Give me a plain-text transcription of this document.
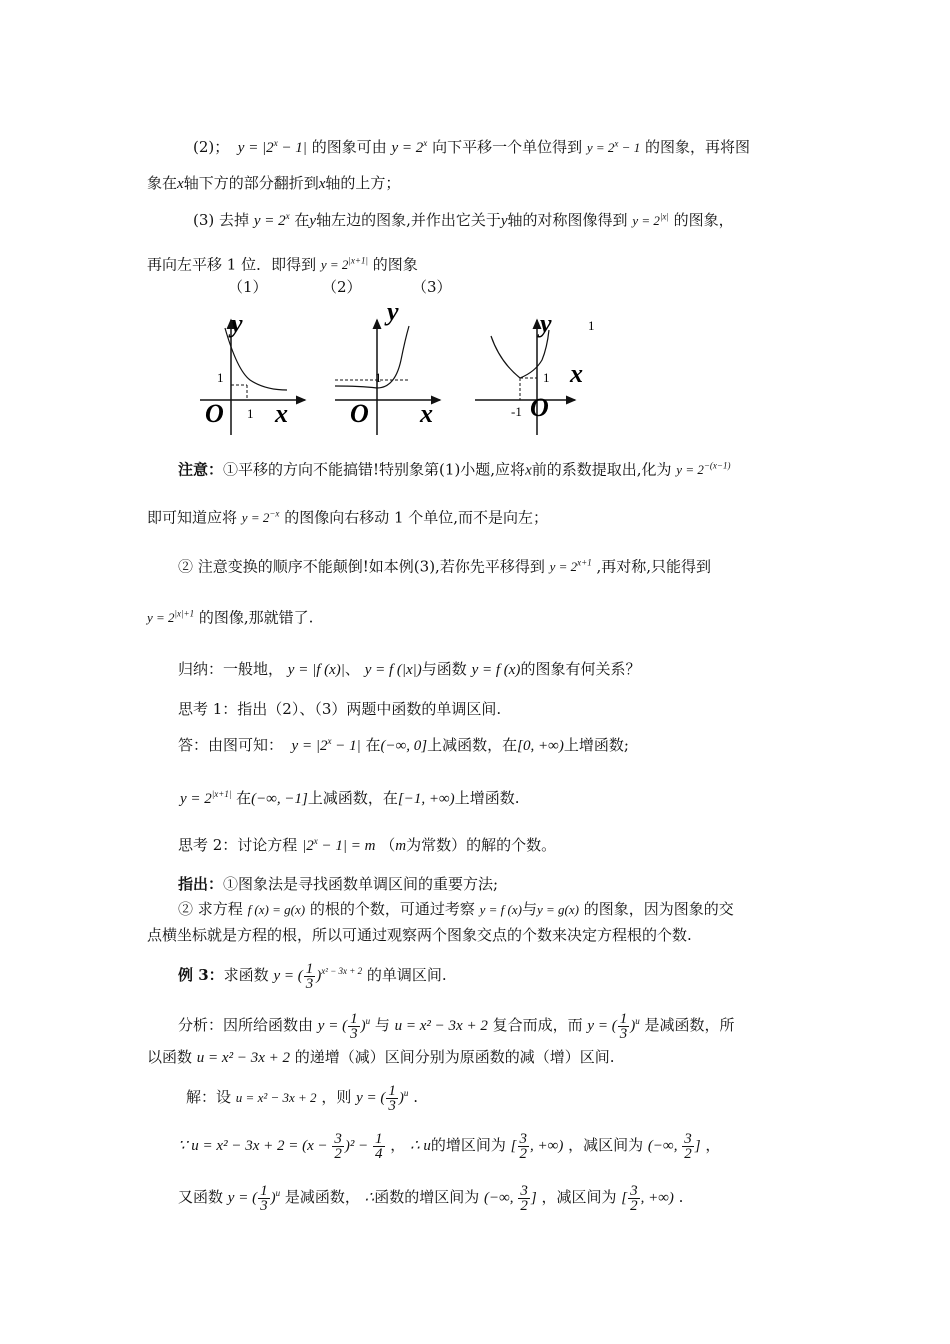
(2)；  $y = |2^x - 1|$ 的图象可由 $y = 2^x$ 向下平移一个单位得到 $y = 2^x - 1$ 的图象，再将图
象在x轴下方的部分翻折到x轴的上方；
(3) 去掉 $y = 2^x$ 在y轴左边的图象,并作出它关于y轴的对称图像得到 $y = 2^{|x|}$ 的图象，
再向左平移 1 位．即得到 $y = 2^{|x+1|}$ 的图象
（1）	（2）	（3）
1
1
O x
y
1
O x
y
1
1
-1 O
x
y
注意：①平移的方向不能搞错!特别象第(1)小题,应将x前的系数提取出,化为 $y = 2^{-(x-1)}$
即可知道应将 $y = 2^{-x}$ 的图像向右移动 1 个单位,而不是向左；
② 注意变换的顺序不能颠倒!如本例(3),若你先平移得到 $y = 2^{x+1}$ ,再对称,只能得到
$y = 2^{|x|+1}$ 的图像,那就错了.
归纳：一般地， y = |f (x)|、 y = f (|x|)与函数 y = f (x)的图象有何关系？
思考 1：指出（2）、（3）两题中函数的单调区间.
答：由图可知：  $y = |2^x - 1|$ 在(−∞, 0]上减函数，在[0, +∞)上增函数;
$y = 2^{|x+1|}$ 在(−∞, −1]上减函数，在[−1, +∞)上增函数.
思考 2：讨论方程 $|2^x - 1| = m$ （m为常数）的解的个数。
指出：①图象法是寻找函数单调区间的重要方法;
② 求方程 f (x) = g(x) 的根的个数，可通过考察 y = f (x)与y = g(x) 的图象，因为图象的交
点横坐标就是方程的根，所以可通过观察两个图象交点的个数来决定方程根的个数.
例 3：求函数 y = ( $\frac{1}{3} )^{x^2 - 3x + 2}$ 的单调区间.
分析：因所给函数由 y = ( $\frac{1}{3} )^u$ 与 u = x² − 3x + 2 复合而成，而 y = ( $\frac{1}{3} )^u$ 是减函数，所
以函数 u = x² − 3x + 2 的递增（减）区间分别为原函数的减（增）区间.
解：设 u = x² − 3x + 2 ，则 y = ( $\frac{1}{3} )^u$ .
∵ $u = x^2 - 3x + 2 = (x - \frac{3}{2} )^2 - \frac{1}{4}$ ， ∴ u的增区间为 [ $\frac{3}{2}$ , +∞) ，减区间为 (−∞, $\frac{3}{2}$ ] ，
又函数 y = ( $\frac{1}{3} )^u$ 是减函数， ∴函数的增区间为 (−∞, $\frac{3}{2}$ ] ，减区间为 [ $\frac{3}{2}$ , +∞) .
